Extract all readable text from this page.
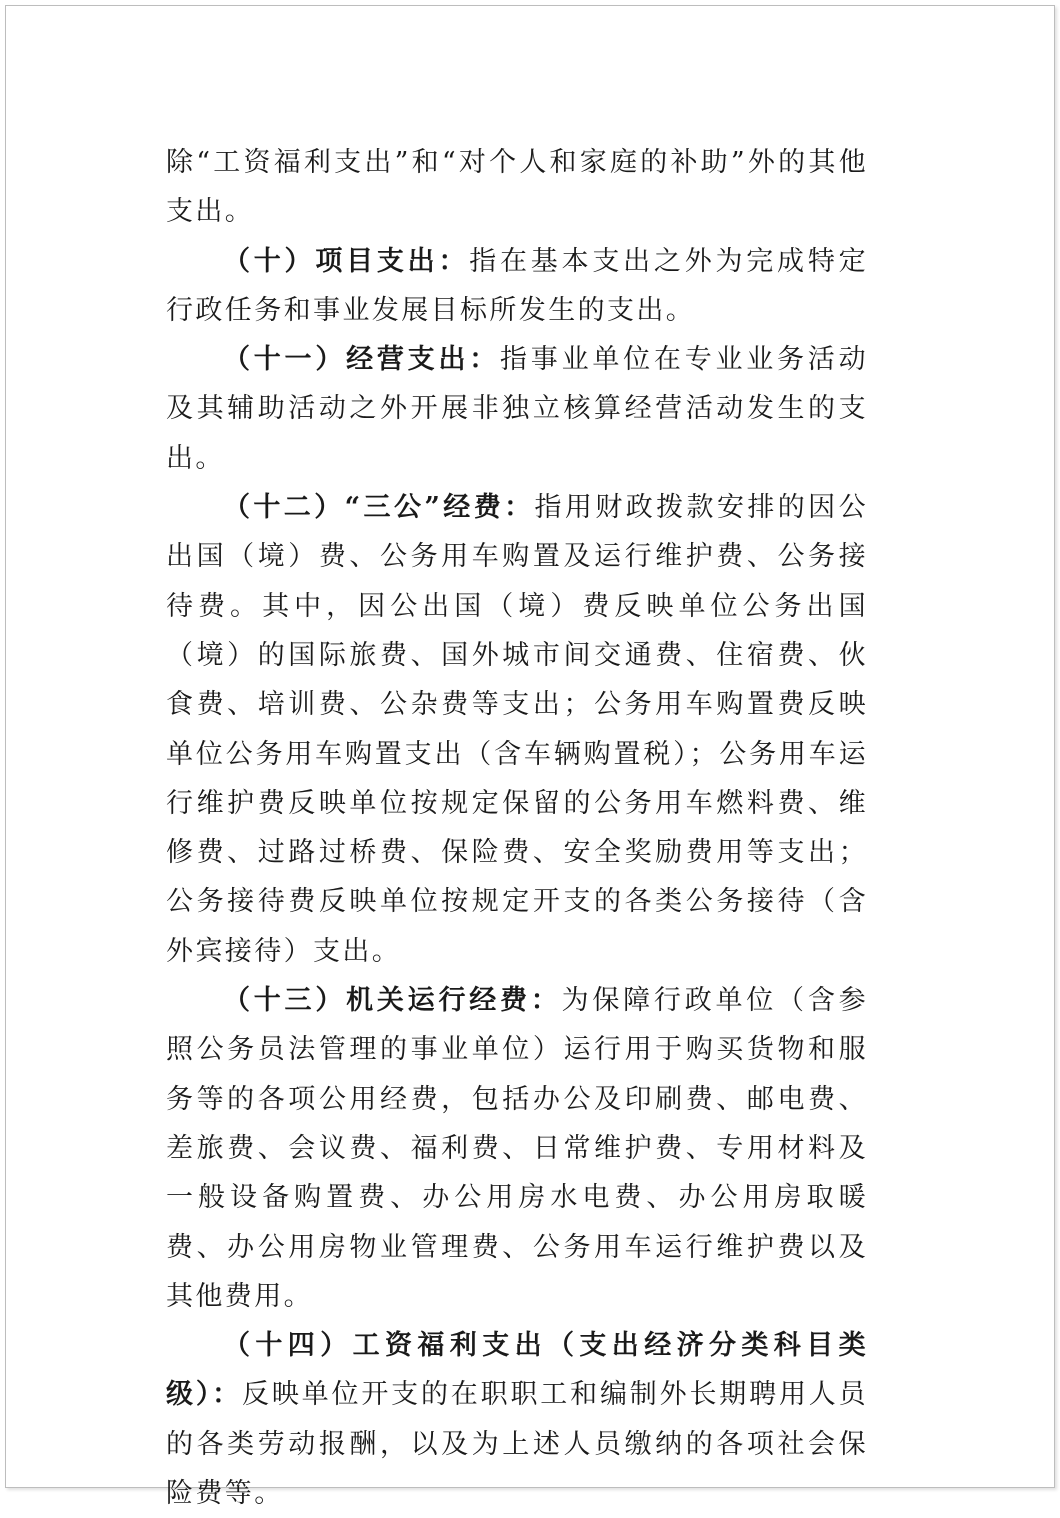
除“工资福利支出”和“对个人和家庭的补助”外的其他支出。

（十）项目支出：指在基本支出之外为完成特定行政任务和事业发展目标所发生的支出。

（十一）经营支出：指事业单位在专业业务活动及其辅助活动之外开展非独立核算经营活动发生的支出。

（十二）“三公”经费：指用财政拨款安排的因公出国（境）费、公务用车购置及运行维护费、公务接待费。其中，因公出国（境）费反映单位公务出国（境）的国际旅费、国外城市间交通费、住宿费、伙食费、培训费、公杂费等支出；公务用车购置费反映单位公务用车购置支出（含车辆购置税）；公务用车运行维护费反映单位按规定保留的公务用车燃料费、维修费、过路过桥费、保险费、安全奖励费用等支出；公务接待费反映单位按规定开支的各类公务接待（含外宾接待）支出。

（十三）机关运行经费：为保障行政单位（含参照公务员法管理的事业单位）运行用于购买货物和服务等的各项公用经费，包括办公及印刷费、邮电费、差旅费、会议费、福利费、日常维护费、专用材料及一般设备购置费、办公用房水电费、办公用房取暖费、办公用房物业管理费、公务用车运行维护费以及其他费用。

（十四）工资福利支出（支出经济分类科目类级）：反映单位开支的在职职工和编制外长期聘用人员的各类劳动报酬，以及为上述人员缴纳的各项社会保险费等。
